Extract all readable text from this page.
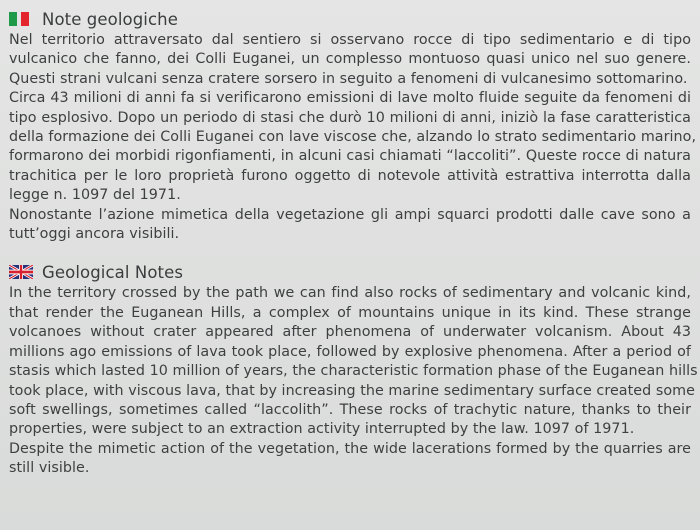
Note geologiche
Nel territorio attraversato dal sentiero si osservano rocce di tipo sedimentario e di tipo
vulcanico che fanno, dei Colli Euganei, un complesso montuoso quasi unico nel suo genere.
Questi strani vulcani senza cratere sorsero in seguito a fenomeni di vulcanesimo sottomarino.
Circa 43 milioni di anni fa si verificarono emissioni di lave molto fluide seguite da fenomeni di
tipo esplosivo. Dopo un periodo di stasi che durò 10 milioni di anni, iniziò la fase caratteristica
della formazione dei Colli Euganei con lave viscose che, alzando lo strato sedimentario marino,
formarono dei morbidi rigonfiamenti, in alcuni casi chiamati “laccoliti”. Queste rocce di natura
trachitica per le loro proprietà furono oggetto di notevole attività estrattiva interrotta dalla
legge n. 1097 del 1971.
Nonostante l’azione mimetica della vegetazione gli ampi squarci prodotti dalle cave sono a
tutt’oggi ancora visibili.
Geological Notes
In the territory crossed by the path we can find also rocks of sedimentary and volcanic kind,
that render the Euganean Hills, a complex of mountains unique in its kind. These strange
volcanoes without crater appeared after phenomena of underwater volcanism. About 43
millions ago emissions of lava took place, followed by explosive phenomena. After a period of
stasis which lasted 10 million of years, the characteristic formation phase of the Euganean hills
took place, with viscous lava, that by increasing the marine sedimentary surface created some
soft swellings, sometimes called “laccolith”. These rocks of trachytic nature, thanks to their
properties, were subject to an extraction activity interrupted by the law. 1097 of 1971.
Despite the mimetic action of the vegetation, the wide lacerations formed by the quarries are
still visible.
